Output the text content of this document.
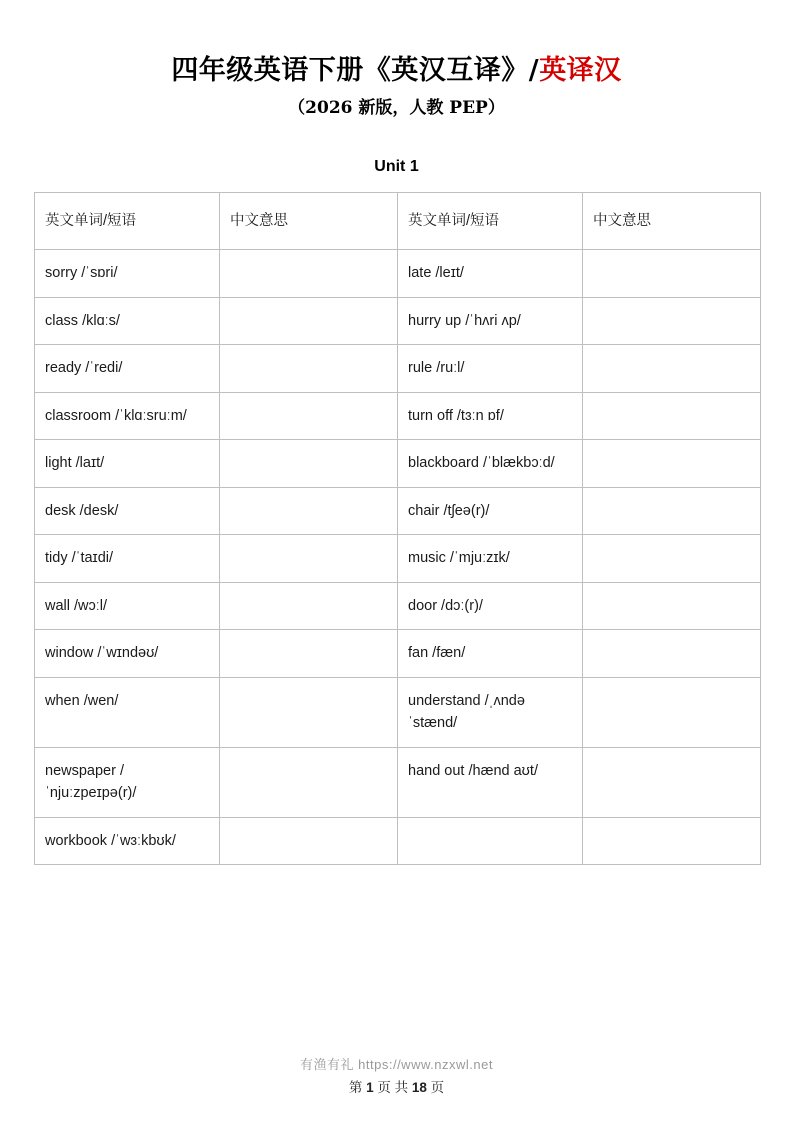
四年级英语下册《英汉互译》/英译汉
（2026 新版，人教 PEP）
Unit 1
英文单词/短语	中文意思	英文单词/短语	中文意思
sorry /ˈsɒri/		late /leɪt/	
class /klɑːs/		hurry up /ˈhʌri ʌp/	
ready /ˈredi/		rule /ruːl/	
classroom /ˈklɑːsruːm/		turn off /tɜːn ɒf/	
light /laɪt/		blackboard /ˈblækbɔːd/	
desk /desk/		chair /tʃeə(r)/	
tidy /ˈtaɪdi/		music /ˈmjuːzɪk/	
wall /wɔːl/		door /dɔː(r)/	
window /ˈwɪndəʊ/		fan /fæn/	
when /wen/		understand /ˌʌndəˈstænd/	
newspaper /ˈnjuːzpeɪpə(r)/		hand out /hænd aʊt/	
workbook /ˈwɜːkbʊk/			
有渔有礼 https://www.nzxwl.net
第 1 页 共 18 页
